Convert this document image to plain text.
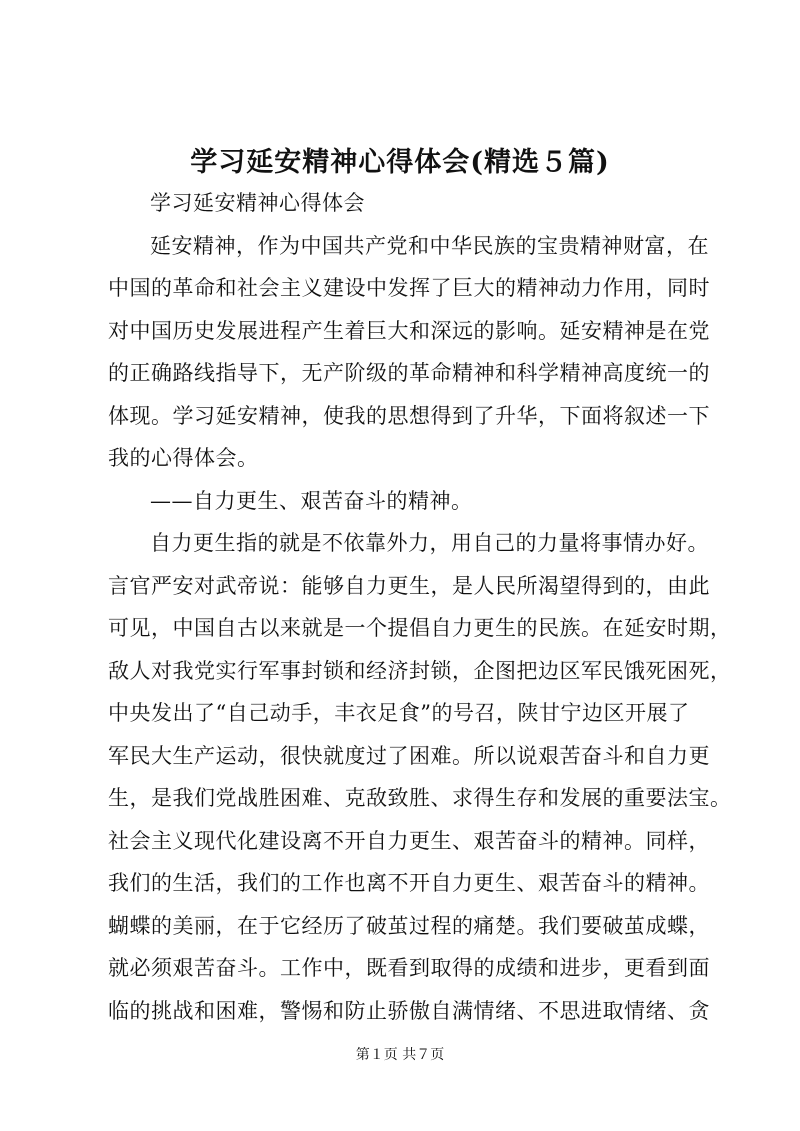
学习延安精神心得体会(精选５篇)
学习延安精神心得体会
延安精神，作为中国共产党和中华民族的宝贵精神财富，在
中国的革命和社会主义建设中发挥了巨大的精神动力作用，同时
对中国历史发展进程产生着巨大和深远的影响。延安精神是在党
的正确路线指导下，无产阶级的革命精神和科学精神高度统一的
体现。学习延安精神，使我的思想得到了升华，下面将叙述一下
我的心得体会。
——自力更生、艰苦奋斗的精神。
自力更生指的就是不依靠外力，用自己的力量将事情办好。
言官严安对武帝说：能够自力更生，是人民所渴望得到的，由此
可见，中国自古以来就是一个提倡自力更生的民族。在延安时期，
敌人对我党实行军事封锁和经济封锁，企图把边区军民饿死困死，
中央发出了“自己动手，丰衣足食”的号召，陕甘宁边区开展了
军民大生产运动，很快就度过了困难。所以说艰苦奋斗和自力更
生，是我们党战胜困难、克敌致胜、求得生存和发展的重要法宝。
社会主义现代化建设离不开自力更生、艰苦奋斗的精神。同样，
我们的生活，我们的工作也离不开自力更生、艰苦奋斗的精神。
蝴蝶的美丽，在于它经历了破茧过程的痛楚。我们要破茧成蝶，
就必须艰苦奋斗。工作中，既看到取得的成绩和进步，更看到面
临的挑战和困难，警惕和防止骄傲自满情绪、不思进取情绪、贪
第１页 共７页
